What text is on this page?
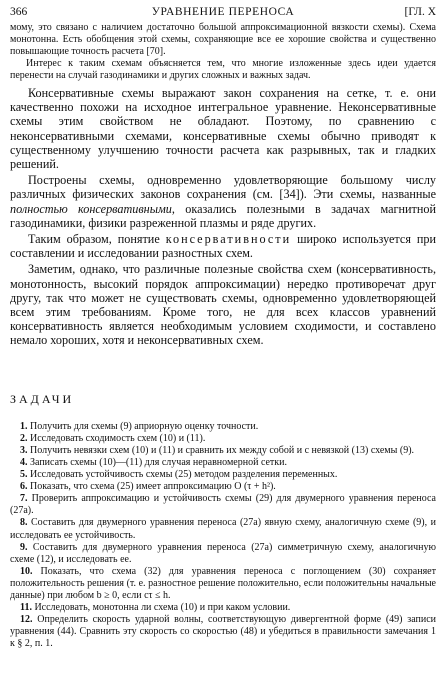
366	УРАВНЕНИЕ ПЕРЕНОСА	[ГЛ. X

мому, это связано с наличием достаточно большой аппроксимационной вязкости схемы). Схема монотонна. Есть обобщения этой схемы, сохраняющие все ее хорошие свойства и существенно повышающие точность расчета [70].

Интерес к таким схемам объясняется тем, что многие изложенные здесь идеи удается перенести на случай газодинамики и других сложных и важных задач.

Консервативные схемы выражают закон сохранения на сетке, т. е. они качественно похожи на исходное интегральное уравнение. Неконсервативные схемы этим свойством не обладают. Поэтому, по сравнению с неконсервативными схемами, консервативные схемы обычно приводят к существенному улучшению точности расчета как разрывных, так и гладких решений.

Построены схемы, одновременно удовлетворяющие большому числу различных физических законов сохранения (см. [34]). Эти схемы, названные полностью консервативными, оказались полезными в задачах магнитной газодинамики, физики разреженной плазмы и ряде других.

Таким образом, понятие консервативности широко используется при составлении и исследовании разностных схем.

Заметим, однако, что различные полезные свойства схем (консервативность, монотонность, высокий порядок аппроксимации) нередко противоречат друг другу, так что может не существовать схемы, одновременно удовлетворяющей всем этим требованиям. Кроме того, не для всех классов уравнений консервативность является необходимым условием сходимости, и составлено немало хороших, хотя и неконсервативных схем.

ЗАДАЧИ

1. Получить для схемы (9) априорную оценку точности.

2. Исследовать сходимость схем (10) и (11).

3. Получить невязки схем (10) и (11) и сравнить их между собой и с невязкой (13) схемы (9).

4. Записать схемы (10)—(11) для случая неравномерной сетки.

5. Исследовать устойчивость схемы (25) методом разделения переменных.

6. Показать, что схема (25) имеет аппроксимацию O (τ + h²).

7. Проверить аппроксимацию и устойчивость схемы (29) для двумерного уравнения переноса (27а).

8. Составить для двумерного уравнения переноса (27а) явную схему, аналогичную схеме (9), и исследовать ее устойчивость.

9. Составить для двумерного уравнения переноса (27а) симметричную схему, аналогичную схеме (12), и исследовать ее.

10. Показать, что схема (32) для уравнения переноса с поглощением (30) сохраняет положительность решения (т. е. разностное решение положительно, если положительны начальные данные) при любом b ≥ 0, если cτ ≤ h.

11. Исследовать, монотонна ли схема (10) и при каком условии.

12. Определить скорость ударной волны, соответствующую дивергентной форме (49) записи уравнения (44). Сравнить эту скорость со скоростью (48) и убедиться в правильности замечания 1 к § 2, п. 1.
